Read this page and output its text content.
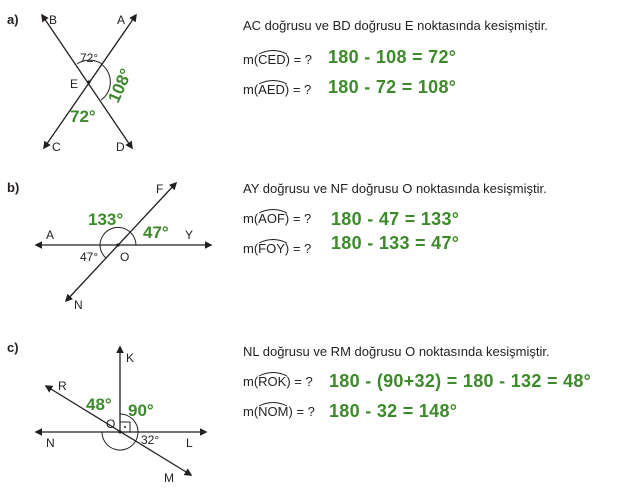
a)	B	A
E
C	D
72°
72°
108°
AC doğrusu ve BD doğrusu E noktasında kesişmiştir.
m(
CED) = ? 180 - 108 = 72°
m(
AED) = ? 180 - 72 = 108°
b)	F
A	Y
O
N
133°
47°
47°
AY doğrusu ve NF doğrusu O noktasında kesişmiştir.
m(
AOF) = ? 180 - 47 = 133°
m(
FOY) = ? 180 - 133 = 47°
c)
K
R
O
N	L
M
48° 90°
32°
NL doğrusu ve RM doğrusu O noktasında kesişmiştir.
m(
ROK) = ? 180 - (90+32) = 180 - 132 = 48°
m(
NOM) = ? 180 - 32 = 148°
